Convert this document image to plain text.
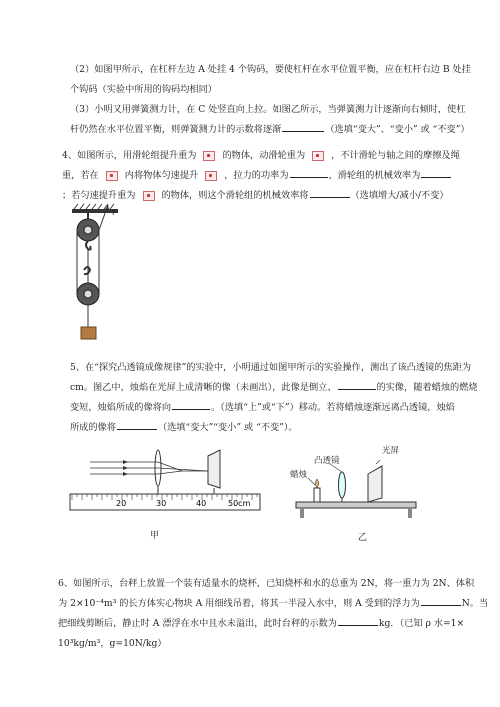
（2）如图甲所示，在杠杆左边 A 处挂 4 个钩码，要使杠杆在水平位置平衡，应在杠杆右边 B 处挂
个钩码（实验中所用的钩码均相同）
（3）小明又用弹簧测力计，在 C 处竖直向上拉。如图乙所示，当弹簧测力计逐渐向右倾时，使杠
杆仍然在水平位置平衡，则弹簧测力计的示数将逐渐	（选填“变大”、“变小” 或 “不变”）
4、如图所示，用滑轮组提升重为	的物体，动滑轮重为	，不计滑轮与轴之间的摩擦及绳
重，若在	内将物体匀速提升	，拉力的功率为	，滑轮组的机械效率为
；若匀速提升重为	的物体，则这个滑轮组的机械效率将	（选填增大/减小/不变）
F
5、在“探究凸透镜成像规律”的实验中，小明通过如图甲所示的实验操作，测出了该凸透镜的焦距为
cm。图乙中，烛焰在光屏上成清晰的像（未画出），此像是倒立、	的实像，随着蜡烛的燃烧
变短，烛焰所成的像将向	。（选填“上”或“下”）移动。若将蜡烛逐渐远离凸透镜，烛焰
所成的像将	（选填“变大”“变小” 或 “不变”）。
20	30	40	50cm
甲
蜡烛
凸透镜
光屏
乙
6、如图所示，台秤上放置一个装有适量水的烧杯，已知烧杯和水的总重为 2N，将一重力为 2N、体积
为 2×10⁻⁴m³ 的长方体实心物块 A 用细线吊着，将其一半浸入水中，则 A 受到的浮力为	N。当
把细线剪断后，静止时 A 漂浮在水中且水未溢出，此时台秤的示数为	kg．（已知 ρ 水=1×
10³kg/m³，g=10N/kg）
